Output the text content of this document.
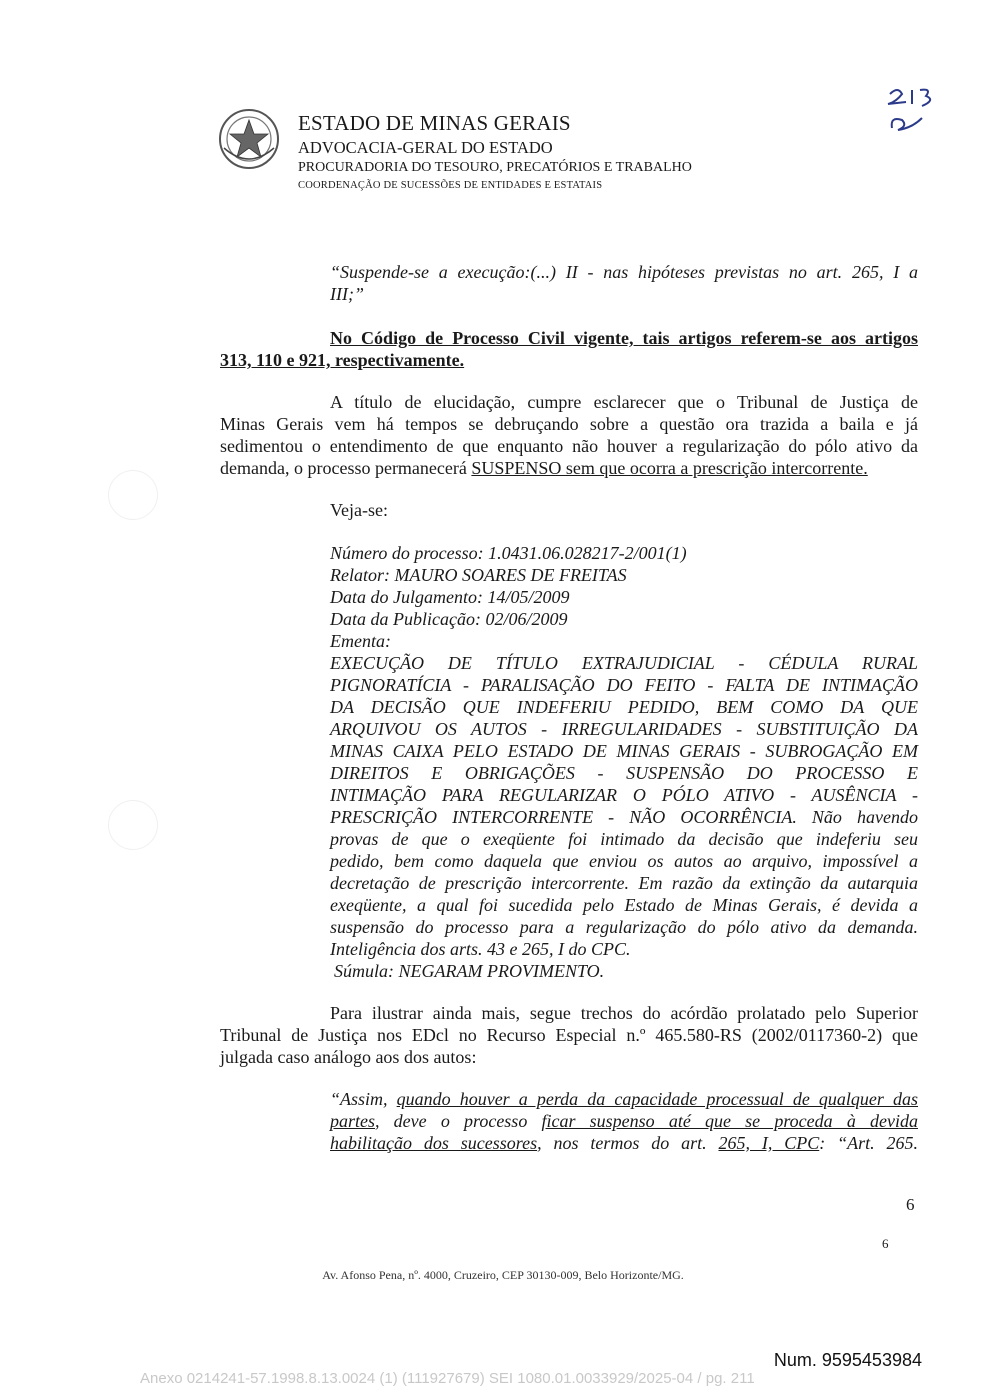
ESTADO DE MINAS GERAIS
ADVOCACIA-GERAL DO ESTADO
PROCURADORIA DO TESOURO, PRECATÓRIOS E TRABALHO
COORDENAÇÃO DE SUCESSÕES DE ENTIDADES E ESTATAIS
“Suspende-se a execução:(...) II - nas hipóteses previstas no art. 265, I a
III;”
No Código de Processo Civil vigente, tais artigos referem-se aos artigos
313, 110 e 921, respectivamente.
A título de elucidação, cumpre esclarecer que o Tribunal de Justiça de
Minas Gerais vem há tempos se debruçando sobre a questão ora trazida a baila e já
sedimentou o entendimento de que enquanto não houver a regularização do pólo ativo da
demanda, o processo permanecerá SUSPENSO sem que ocorra a prescrição intercorrente.
Veja-se:
Número do processo: 1.0431.06.028217-2/001(1)
Relator: MAURO SOARES DE FREITAS
Data do Julgamento: 14/05/2009
Data da Publicação: 02/06/2009
Ementa:
EXECUÇÃO DE TÍTULO EXTRAJUDICIAL - CÉDULA RURAL
PIGNORATÍCIA - PARALISAÇÃO DO FEITO - FALTA DE INTIMAÇÃO
DA DECISÃO QUE INDEFERIU PEDIDO, BEM COMO DA QUE
ARQUIVOU OS AUTOS - IRREGULARIDADES - SUBSTITUIÇÃO DA
MINAS CAIXA PELO ESTADO DE MINAS GERAIS - SUBROGAÇÃO EM
DIREITOS E OBRIGAÇÕES - SUSPENSÃO DO PROCESSO E
INTIMAÇÃO PARA REGULARIZAR O PÓLO ATIVO - AUSÊNCIA -
PRESCRIÇÃO INTERCORRENTE - NÃO OCORRÊNCIA. Não havendo
provas de que o exeqüente foi intimado da decisão que indeferiu seu
pedido, bem como daquela que enviou os autos ao arquivo, impossível a
decretação de prescrição intercorrente. Em razão da extinção da autarquia
exeqüente, a qual foi sucedida pelo Estado de Minas Gerais, é devida a
suspensão do processo para a regularização do pólo ativo da demanda.
Inteligência dos arts. 43 e 265, I do CPC.
Súmula: NEGARAM PROVIMENTO.
Para ilustrar ainda mais, segue trechos do acórdão prolatado pelo Superior
Tribunal de Justiça nos EDcl no Recurso Especial n.º 465.580-RS (2002/0117360-2) que
julgada caso análogo aos dos autos:
“Assim, quando houver a perda da capacidade processual de qualquer das
partes, deve o processo ficar suspenso até que se proceda à devida
habilitação dos sucessores, nos termos do art. 265, I, CPC: “Art. 265.
6
6
Av. Afonso Pena, nº. 4000, Cruzeiro, CEP 30130-009, Belo Horizonte/MG.
Num. 9595453984
Anexo 0214241-57.1998.8.13.0024 (1) (111927679) SEI 1080.01.0033929/2025-04 / pg. 211
